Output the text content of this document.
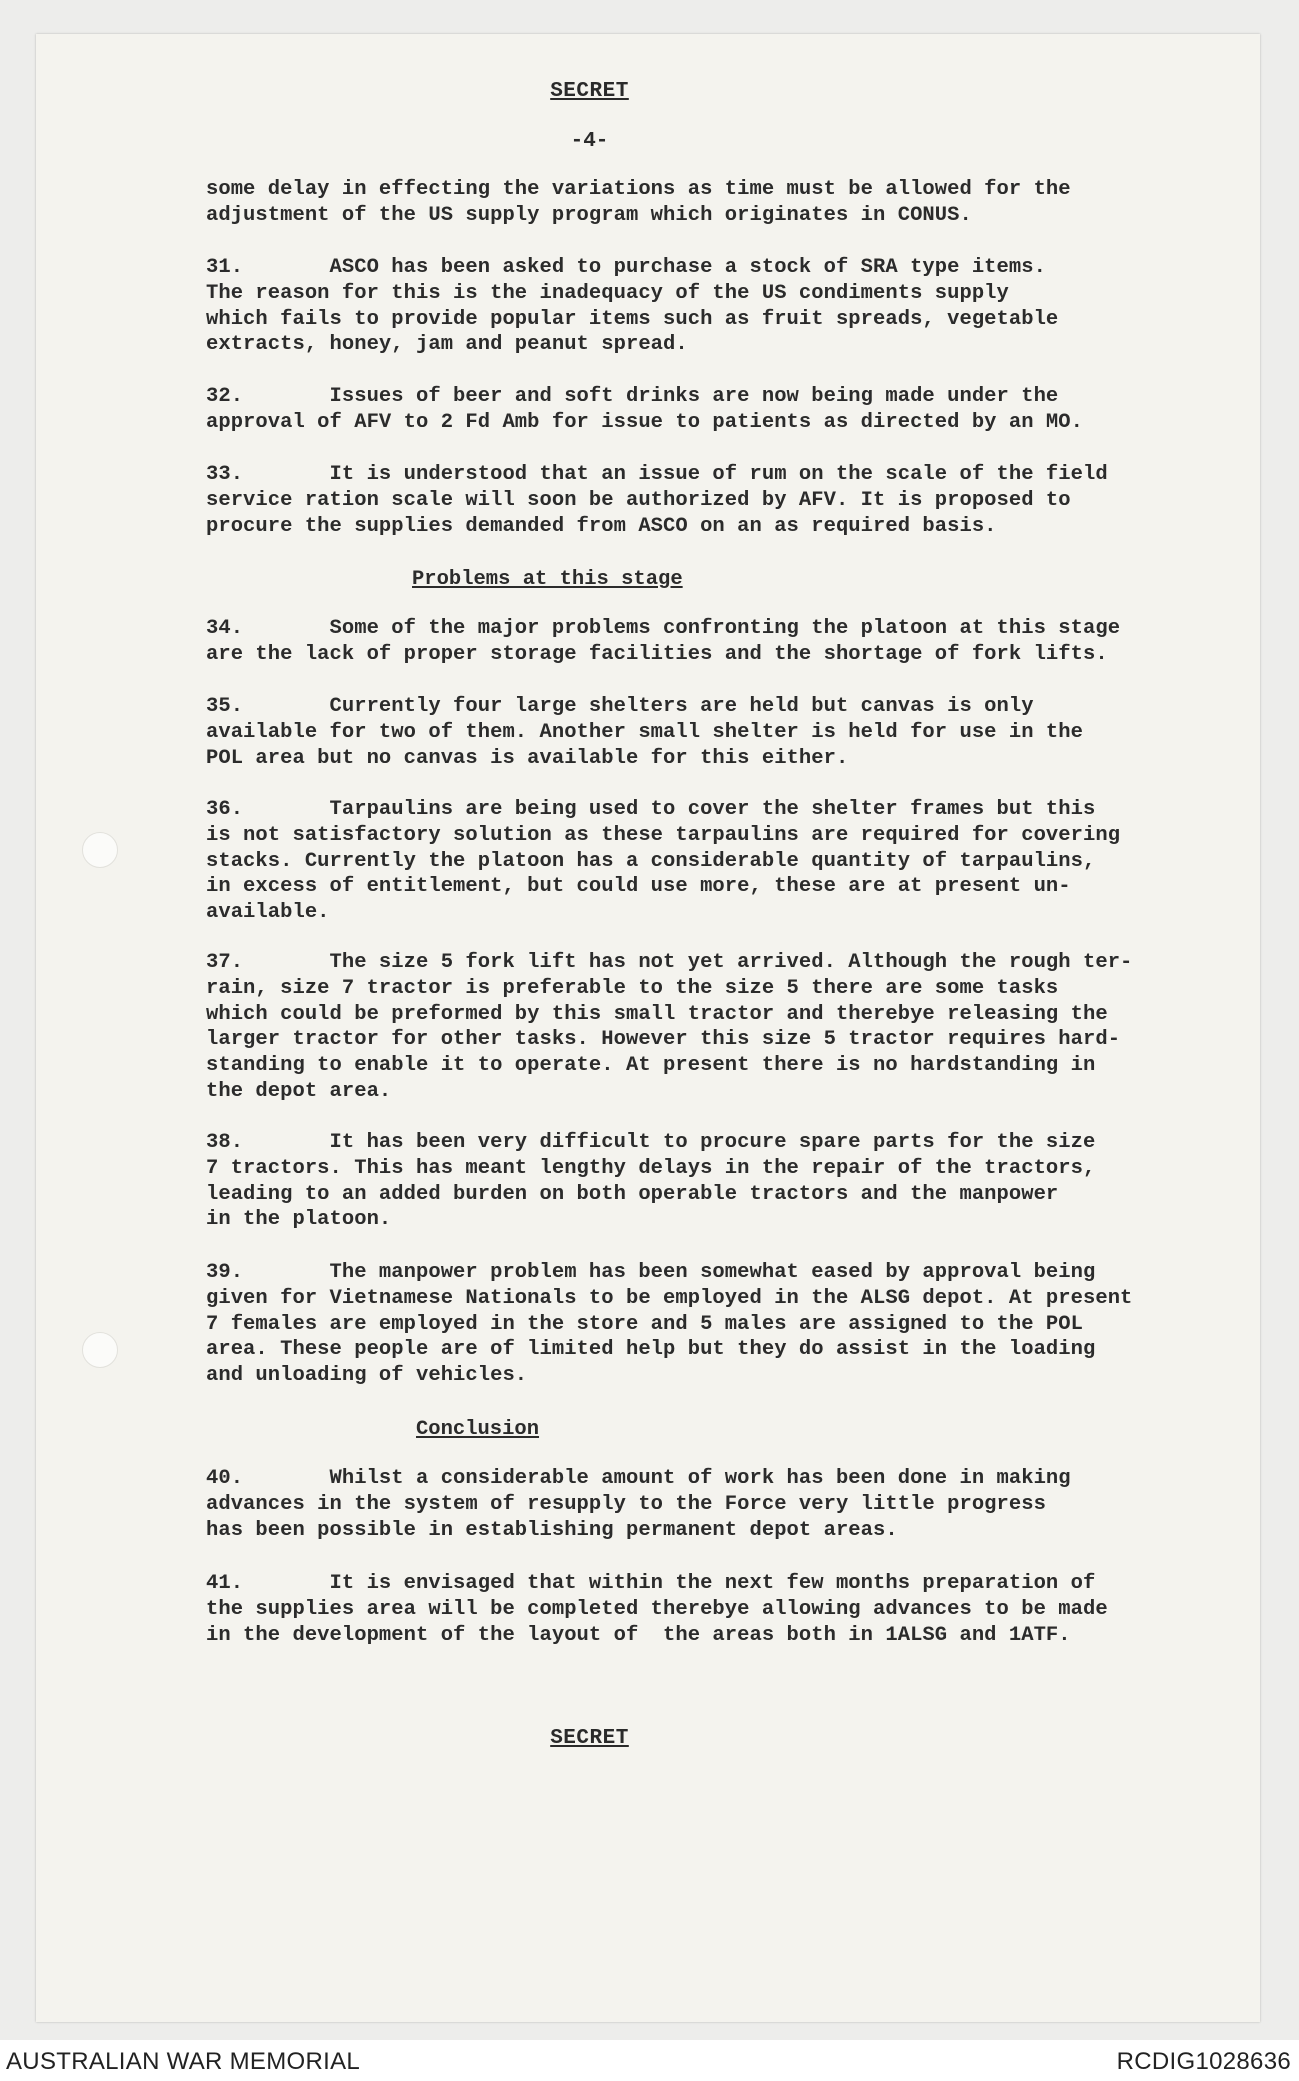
SECRET
-4-
some delay in effecting the variations as time must be allowed for the
adjustment of the US supply program which originates in CONUS.
31.       ASCO has been asked to purchase a stock of SRA type items.
The reason for this is the inadequacy of the US condiments supply
which fails to provide popular items such as fruit spreads, vegetable
extracts, honey, jam and peanut spread.
32.       Issues of beer and soft drinks are now being made under the
approval of AFV to 2 Fd Amb for issue to patients as directed by an MO.
33.       It is understood that an issue of rum on the scale of the field
service ration scale will soon be authorized by AFV. It is proposed to
procure the supplies demanded from ASCO on an as required basis.
Problems at this stage
34.       Some of the major problems confronting the platoon at this stage
are the lack of proper storage facilities and the shortage of fork lifts.
35.       Currently four large shelters are held but canvas is only
available for two of them. Another small shelter is held for use in the
POL area but no canvas is available for this either.
36.       Tarpaulins are being used to cover the shelter frames but this
is not satisfactory solution as these tarpaulins are required for covering
stacks. Currently the platoon has a considerable quantity of tarpaulins,
in excess of entitlement, but could use more, these are at present un-
available.
37.       The size 5 fork lift has not yet arrived. Although the rough ter-
rain, size 7 tractor is preferable to the size 5 there are some tasks
which could be preformed by this small tractor and therebye releasing the
larger tractor for other tasks. However this size 5 tractor requires hard-
standing to enable it to operate. At present there is no hardstanding in
the depot area.
38.       It has been very difficult to procure spare parts for the size
7 tractors. This has meant lengthy delays in the repair of the tractors,
leading to an added burden on both operable tractors and the manpower
in the platoon.
39.       The manpower problem has been somewhat eased by approval being
given for Vietnamese Nationals to be employed in the ALSG depot. At present
7 females are employed in the store and 5 males are assigned to the POL
area. These people are of limited help but they do assist in the loading
and unloading of vehicles.
Conclusion
40.       Whilst a considerable amount of work has been done in making
advances in the system of resupply to the Force very little progress
has been possible in establishing permanent depot areas.
41.       It is envisaged that within the next few months preparation of
the supplies area will be completed therebye allowing advances to be made
in the development of the layout of  the areas both in 1ALSG and 1ATF.
SECRET
AUSTRALIAN WAR MEMORIAL	RCDIG1028636
